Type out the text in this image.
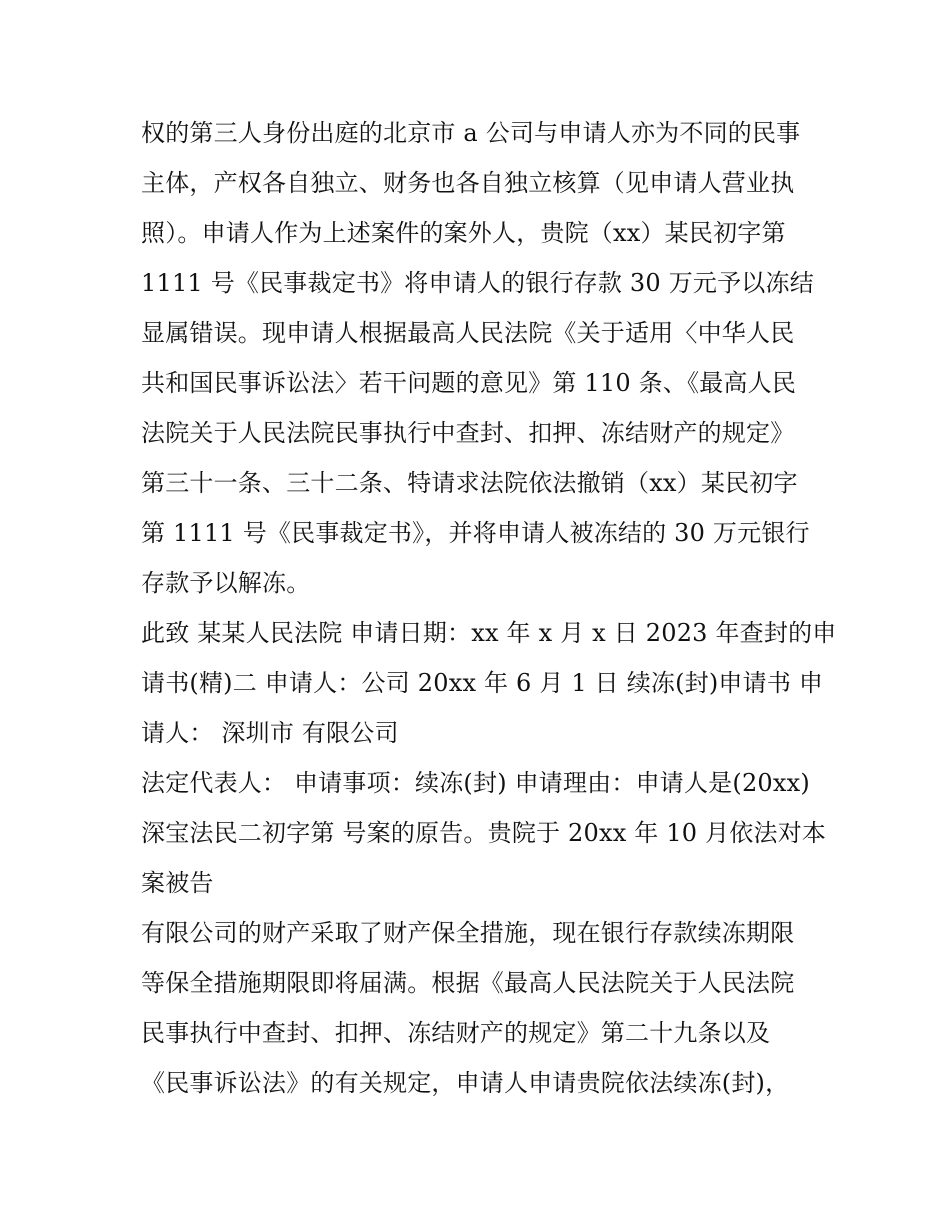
权的第三人身份出庭的北京市 a 公司与申请人亦为不同的民事
主体，产权各自独立、财务也各自独立核算（见申请人营业执
照）。申请人作为上述案件的案外人，贵院（xx）某民初字第
1111 号《民事裁定书》将申请人的银行存款 30 万元予以冻结
显属错误。现申请人根据最高人民法院《关于适用〈中华人民
共和国民事诉讼法〉若干问题的意见》第 110 条、《最高人民
法院关于人民法院民事执行中查封、扣押、冻结财产的规定》
第三十一条、三十二条、特请求法院依法撤销（xx）某民初字
第 1111 号《民事裁定书》，并将申请人被冻结的 30 万元银行
存款予以解冻。
此致 某某人民法院 申请日期：xx 年 x 月 x 日 2023 年查封的申
请书(精)二 申请人：公司 20xx 年 6 月 1 日 续冻(封)申请书 申
请人： 深圳市 有限公司
法定代表人： 申请事项：续冻(封) 申请理由：申请人是(20xx)
深宝法民二初字第 号案的原告。贵院于 20xx 年 10 月依法对本
案被告
有限公司的财产采取了财产保全措施，现在银行存款续冻期限
等保全措施期限即将届满。根据《最高人民法院关于人民法院
民事执行中查封、扣押、冻结财产的规定》第二十九条以及
《民事诉讼法》的有关规定，申请人申请贵院依法续冻(封)，
